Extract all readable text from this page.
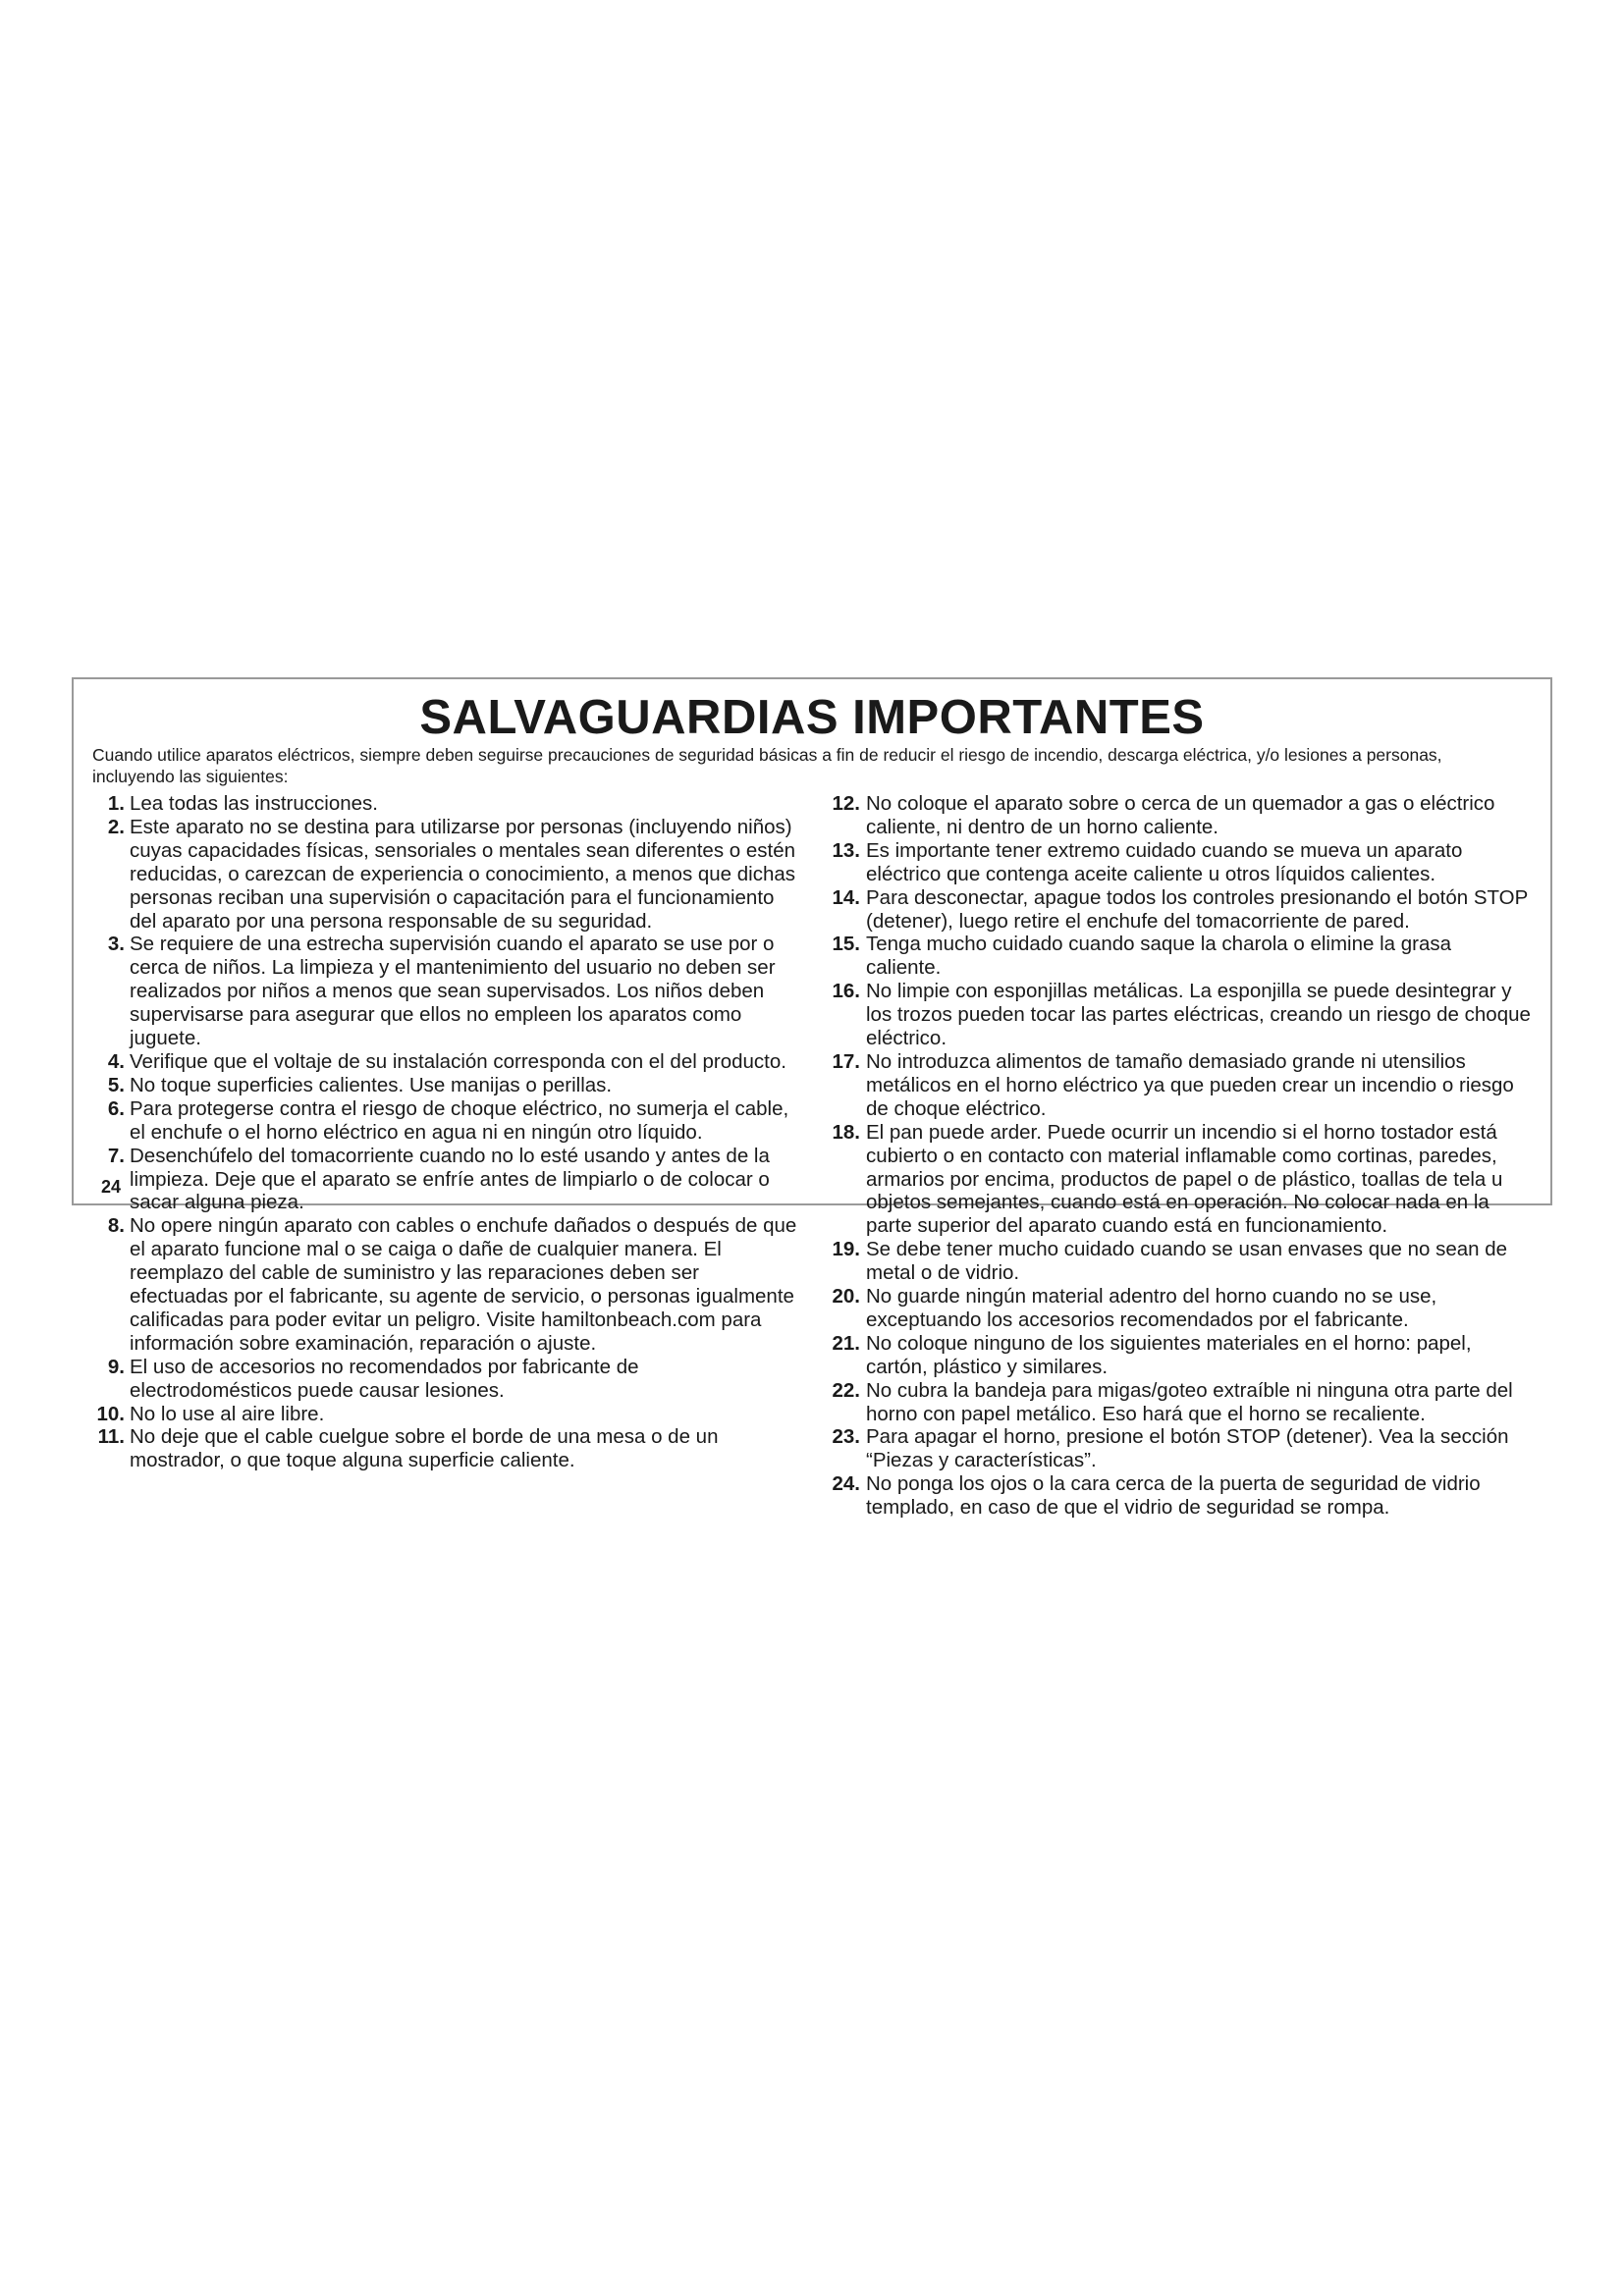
SALVAGUARDIAS IMPORTANTES

Cuando utilice aparatos eléctricos, siempre deben seguirse precauciones de seguridad básicas a fin de reducir el riesgo de incendio, descarga eléctrica, y/o lesiones a personas, incluyendo las siguientes:

1. Lea todas las instrucciones.
2. Este aparato no se destina para utilizarse por personas (incluyendo niños) cuyas capacidades físicas, sensoriales o mentales sean diferentes o estén reducidas, o carezcan de experiencia o conocimiento, a menos que dichas personas reciban una supervisión o capacitación para el funcionamiento del aparato por una persona responsable de su seguridad.
3. Se requiere de una estrecha supervisión cuando el aparato se use por o cerca de niños. La limpieza y el mantenimiento del usuario no deben ser realizados por niños a menos que sean supervisados. Los niños deben supervisarse para asegurar que ellos no empleen los aparatos como juguete.
4. Verifique que el voltaje de su instalación corresponda con el del producto.
5. No toque superficies calientes. Use manijas o perillas.
6. Para protegerse contra el riesgo de choque eléctrico, no sumerja el cable, el enchufe o el horno eléctrico en agua ni en ningún otro líquido.
7. Desenchúfelo del tomacorriente cuando no lo esté usando y antes de la limpieza. Deje que el aparato se enfríe antes de limpiarlo o de colocar o sacar alguna pieza.
8. No opere ningún aparato con cables o enchufe dañados o después de que el aparato funcione mal o se caiga o dañe de cualquier manera. El reemplazo del cable de suministro y las reparaciones deben ser efectuadas por el fabricante, su agente de servicio, o personas igualmente calificadas para poder evitar un peligro. Visite hamiltonbeach.com para información sobre examinación, reparación o ajuste.
9. El uso de accesorios no recomendados por fabricante de electrodomésticos puede causar lesiones.
10. No lo use al aire libre.
11. No deje que el cable cuelgue sobre el borde de una mesa o de un mostrador, o que toque alguna superficie caliente.
12. No coloque el aparato sobre o cerca de un quemador a gas o eléctrico caliente, ni dentro de un horno caliente.
13. Es importante tener extremo cuidado cuando se mueva un aparato eléctrico que contenga aceite caliente u otros líquidos calientes.
14. Para desconectar, apague todos los controles presionando el botón STOP (detener), luego retire el enchufe del tomacorriente de pared.
15. Tenga mucho cuidado cuando saque la charola o elimine la grasa caliente.
16. No limpie con esponjillas metálicas. La esponjilla se puede desintegrar y los trozos pueden tocar las partes eléctricas, creando un riesgo de choque eléctrico.
17. No introduzca alimentos de tamaño demasiado grande ni utensilios metálicos en el horno eléctrico ya que pueden crear un incendio o riesgo de choque eléctrico.
18. El pan puede arder. Puede ocurrir un incendio si el horno tostador está cubierto o en contacto con material inflamable como cortinas, paredes, armarios por encima, productos de papel o de plástico, toallas de tela u objetos semejantes, cuando está en operación. No colocar nada en la parte superior del aparato cuando está en funcionamiento.
19. Se debe tener mucho cuidado cuando se usan envases que no sean de metal o de vidrio.
20. No guarde ningún material adentro del horno cuando no se use, exceptuando los accesorios recomendados por el fabricante.
21. No coloque ninguno de los siguientes materiales en el horno: papel, cartón, plástico y similares.
22. No cubra la bandeja para migas/goteo extraíble ni ninguna otra parte del horno con papel metálico. Eso hará que el horno se recaliente.
23. Para apagar el horno, presione el botón STOP (detener). Vea la sección “Piezas y características”.
24. No ponga los ojos o la cara cerca de la puerta de seguridad de vidrio templado, en caso de que el vidrio de seguridad se rompa.

24
